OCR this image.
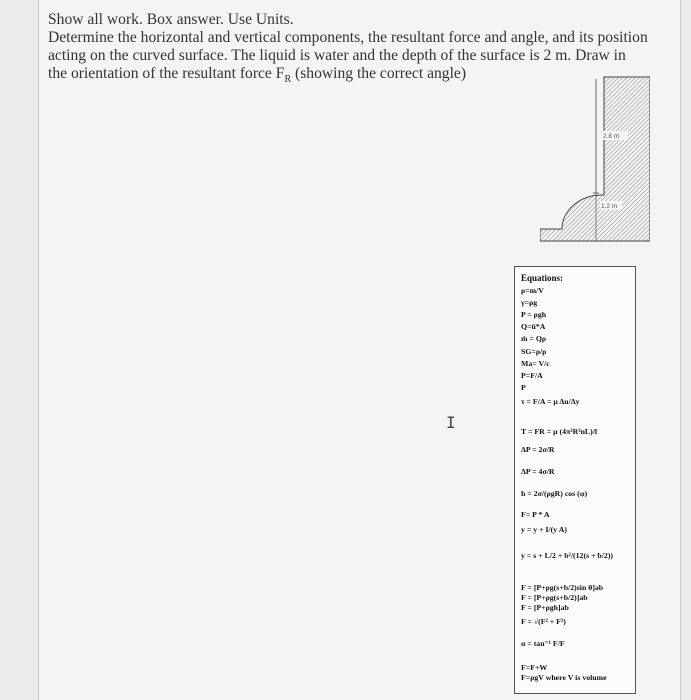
Show all work. Box answer. Use Units.

Determine the horizontal and vertical components, the resultant force and angle, and its position

acting on the curved surface. The liquid is water and the depth of the surface is 2 m. Draw in

the orientation of the resultant force $F_R$ (showing the correct angle)

2.8 m
1.2 m
I
Equations:
ρ=m/V
γ=ρg
P = ρgh
Q=ū*A
ṁ = Qρ
SG=ρ/ρ
Ma= V/c
P=F/A
P
τ = F/A = μ Δu/Δy
T = FR = μ (4π²R³nL)/l
ΔP = 2σ/R
ΔP = 4σ/R
h = 2σ/(ρgR) cos (φ)
F= P * A
y = y + I/(y A)
y = s + L/2 + b²/(12(s + b/2))
F = [P+ρg(s+b/2)sin θ]ab
F = [P+ρg(s+b/2)]ab
F = [P+ρgh]ab
F = √(F² + F²)
α = tan⁻¹ F/F
F=F+W
F=ρgV where V is volume
